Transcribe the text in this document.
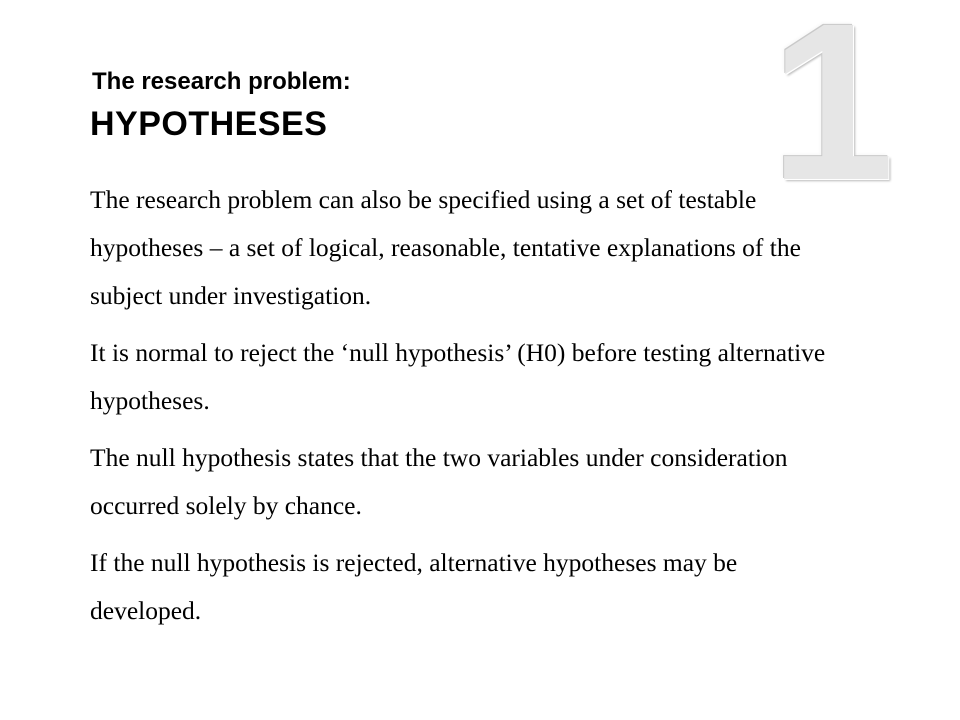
1
The research problem:
HYPOTHESES

The research problem can also be specified using a set of testable hypotheses – a set of logical, reasonable, tentative explanations of the subject under investigation.

It is normal to reject the ‘null hypothesis’ (H0) before testing alternative hypotheses.

The null hypothesis states that the two variables under consideration occurred solely by chance.

If the null hypothesis is rejected, alternative hypotheses may be developed.
